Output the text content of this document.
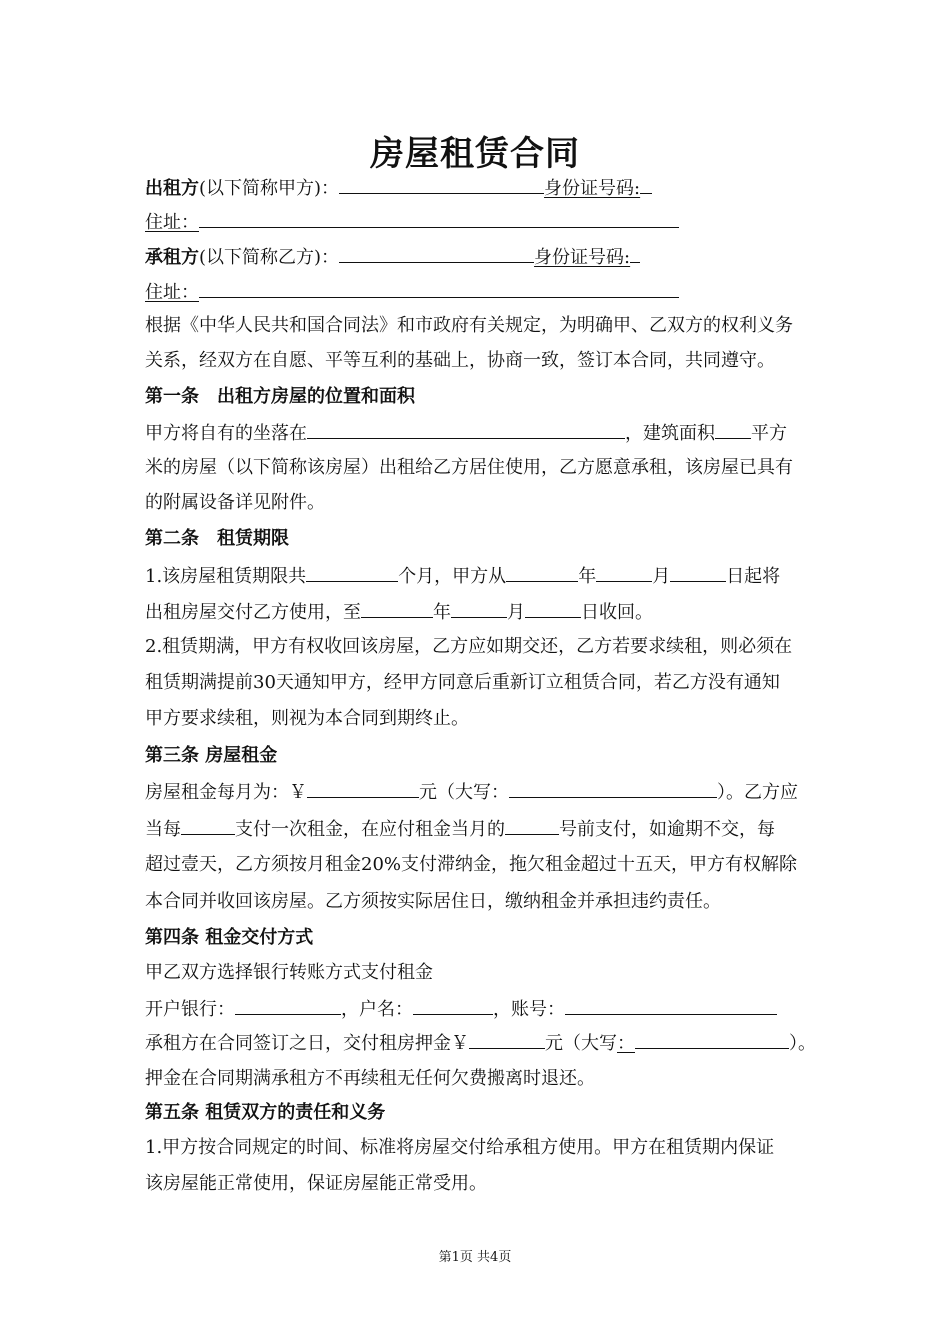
房屋租赁合同
出租方(以下简称甲方)：	身份证号码:
住址：
承租方(以下简称乙方)：	身份证号码:
住址：
根据《中华人民共和国合同法》和市政府有关规定，为明确甲、乙双方的权利义务
关系，经双方在自愿、平等互利的基础上，协商一致，签订本合同，共同遵守。
第一条　出租方房屋的位置和面积
甲方将自有的坐落在	，建筑面积 平方
米的房屋（以下简称该房屋）出租给乙方居住使用，乙方愿意承租，该房屋已具有
的附属设备详见附件。
第二条　租赁期限
1.该房屋租赁期限共	个月，甲方从	年	月	日起将
出租房屋交付乙方使用，至	年	月	日收回。
2.租赁期满，甲方有权收回该房屋，乙方应如期交还，乙方若要求续租，则必须在
租赁期满提前30天通知甲方，经甲方同意后重新订立租赁合同，若乙方没有通知
甲方要求续租，则视为本合同到期终止。
第三条 房屋租金
房屋租金每月为：￥	元（大写：	）。乙方应
当每	支付一次租金，在应付租金当月的	号前支付，如逾期不交，每
超过壹天，乙方须按月租金20%支付滞纳金，拖欠租金超过十五天，甲方有权解除
本合同并收回该房屋。乙方须按实际居住日，缴纳租金并承担违约责任。
第四条 租金交付方式
甲乙双方选择银行转账方式支付租金
开户银行：	，户名：	，账号：
承租方在合同签订之日，交付租房押金￥	元（大写：	）。
押金在合同期满承租方不再续租无任何欠费搬离时退还。
第五条 租赁双方的责任和义务
1.甲方按合同规定的时间、标准将房屋交付给承租方使用。甲方在租赁期内保证
该房屋能正常使用，保证房屋能正常受用。
第1页 共4页
